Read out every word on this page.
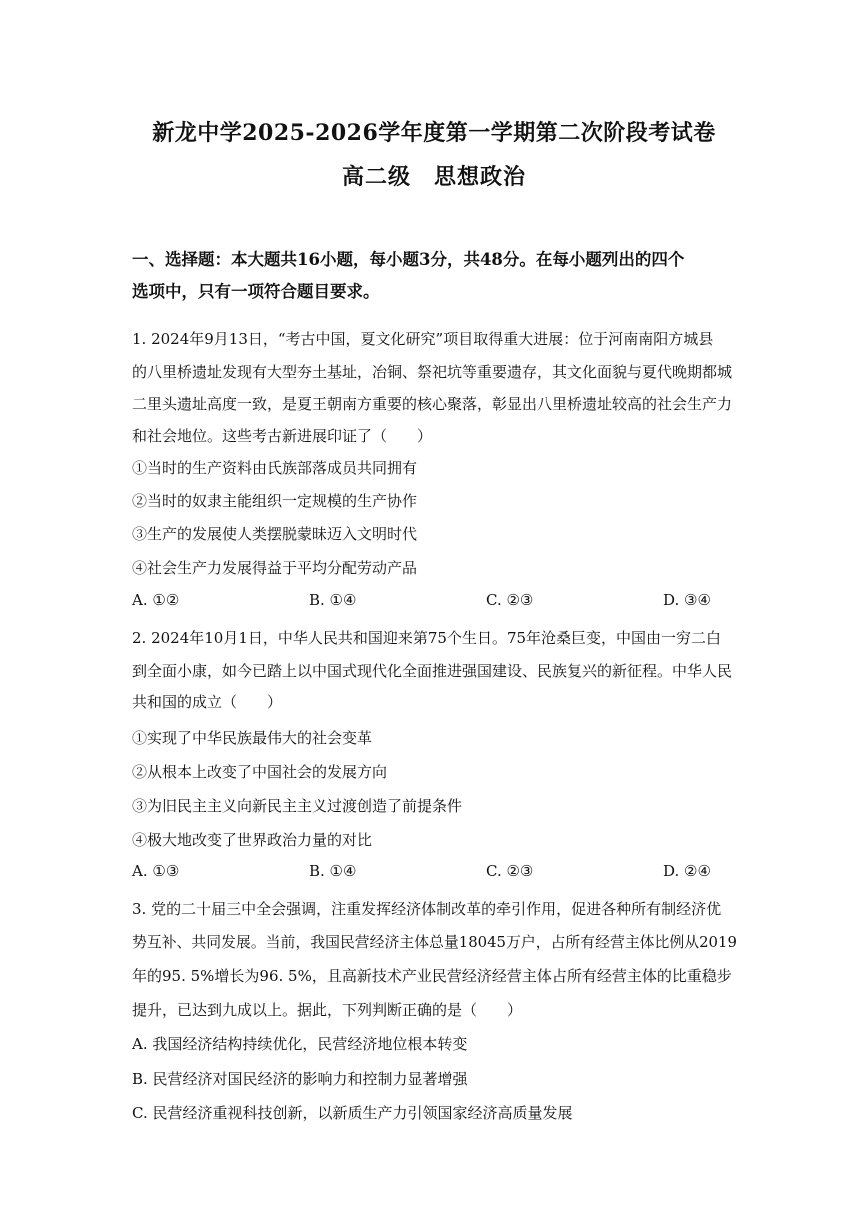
新龙中学2025-2026学年度第一学期第二次阶段考试卷
高二级　思想政治
一、选择题：本大题共16小题，每小题3分，共48分。在每小题列出的四个
选项中，只有一项符合题目要求。
1. 2024年9月13日，“考古中国，夏文化研究”项目取得重大进展：位于河南南阳方城县
的八里桥遗址发现有大型夯土基址，冶铜、祭祀坑等重要遗存，其文化面貌与夏代晚期都城
二里头遗址高度一致，是夏王朝南方重要的核心聚落，彰显出八里桥遗址较高的社会生产力
和社会地位。这些考古新进展印证了（　　）
①当时的生产资料由氏族部落成员共同拥有
②当时的奴隶主能组织一定规模的生产协作
③生产的发展使人类摆脱蒙昧迈入文明时代
④社会生产力发展得益于平均分配劳动产品
A. ①②	B. ①④	C. ②③	D. ③④
2. 2024年10月1日，中华人民共和国迎来第75个生日。75年沧桑巨变，中国由一穷二白
到全面小康，如今已踏上以中国式现代化全面推进强国建设、民族复兴的新征程。中华人民
共和国的成立（　　）
①实现了中华民族最伟大的社会变革
②从根本上改变了中国社会的发展方向
③为旧民主主义向新民主主义过渡创造了前提条件
④极大地改变了世界政治力量的对比
A. ①③	B. ①④	C. ②③	D. ②④
3. 党的二十届三中全会强调，注重发挥经济体制改革的牵引作用，促进各种所有制经济优
势互补、共同发展。当前，我国民营经济主体总量18045万户，占所有经营主体比例从2019
年的95. 5%增长为96. 5%，且高新技术产业民营经济经营主体占所有经营主体的比重稳步
提升，已达到九成以上。据此，下列判断正确的是（　　）
A. 我国经济结构持续优化，民营经济地位根本转变
B. 民营经济对国民经济的影响力和控制力显著增强
C. 民营经济重视科技创新，以新质生产力引领国家经济高质量发展
